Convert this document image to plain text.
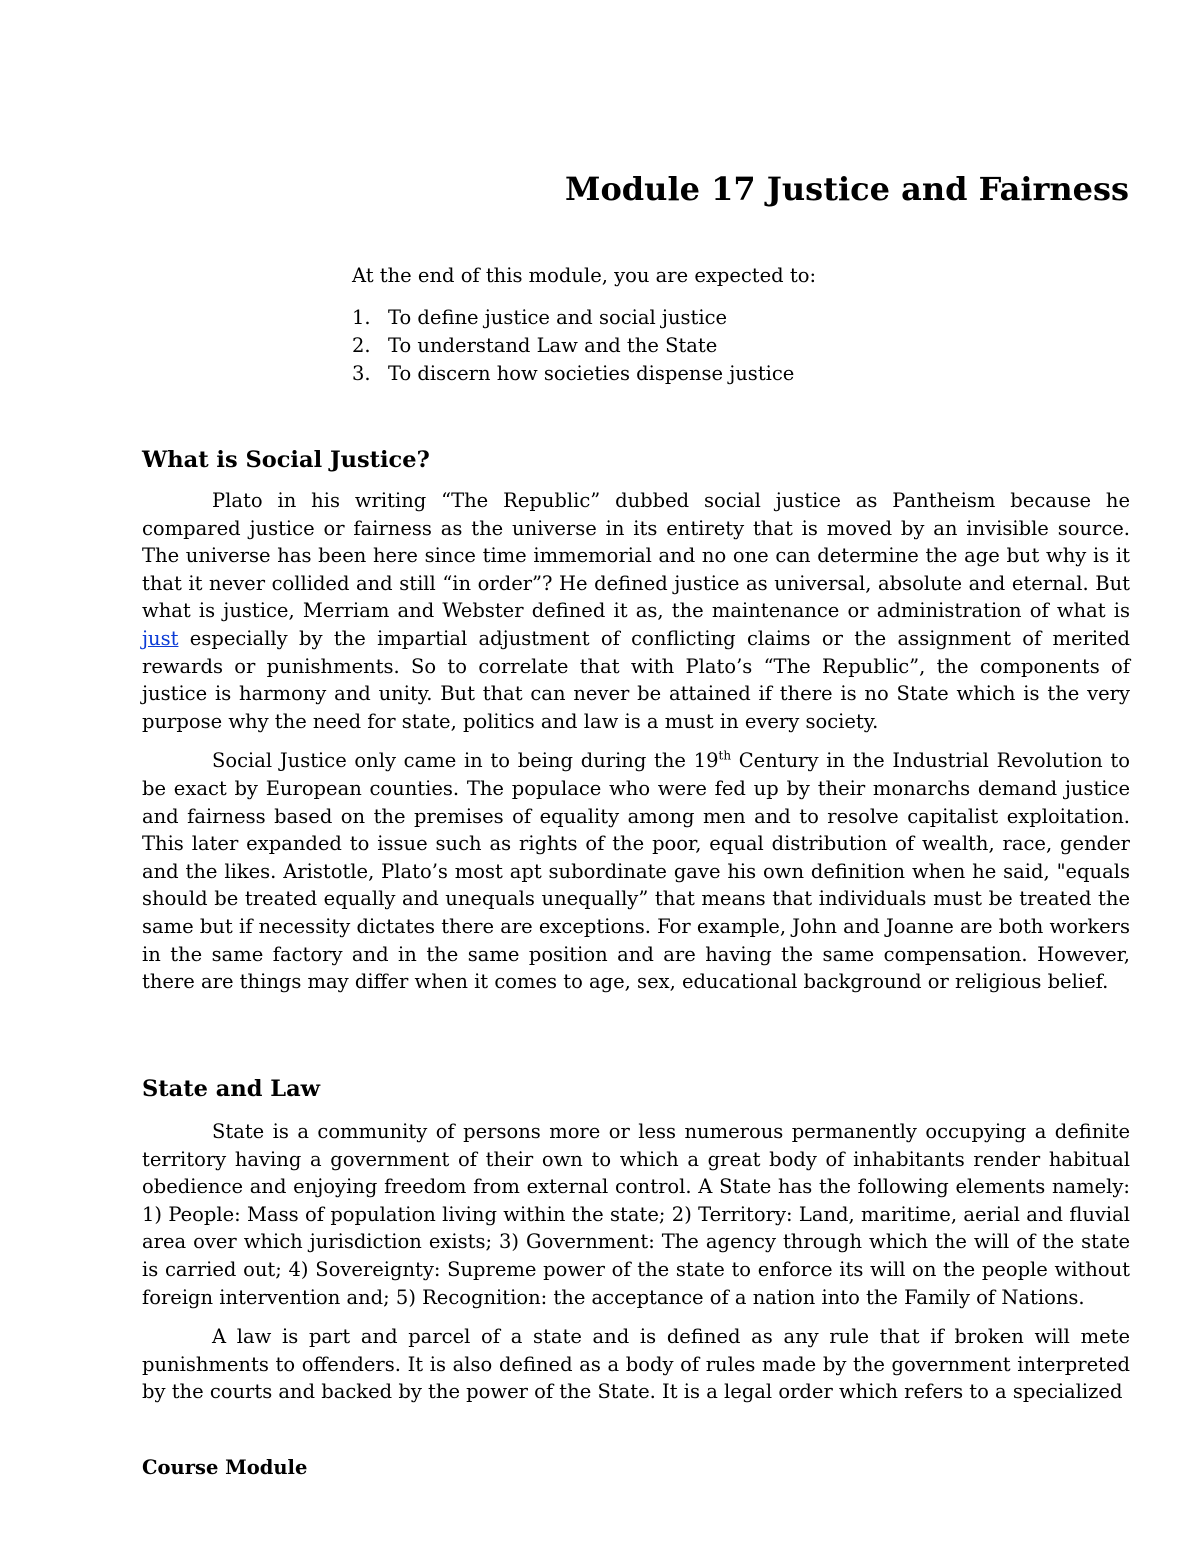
Module 17 Justice and Fairness

At the end of this module, you are expected to:

1. To define justice and social justice
2. To understand Law and the State
3. To discern how societies dispense justice
What is Social Justice?

Plato in his writing “The Republic” dubbed social justice as Pantheism because he compared justice or fairness as the universe in its entirety that is moved by an invisible source. The universe has been here since time immemorial and no one can determine the age but why is it that it never collided and still “in order”? He defined justice as universal, absolute and eternal. But what is justice, Merriam and Webster defined it as, the maintenance or administration of what is just especially by the impartial adjustment of conflicting claims or the assignment of merited rewards or punishments. So to correlate that with Plato’s “The Republic”, the components of justice is harmony and unity. But that can never be attained if there is no State which is the very purpose why the need for state, politics and law is a must in every society.

Social Justice only came in to being during the 19th Century in the Industrial Revolution to be exact by European counties. The populace who were fed up by their monarchs demand justice and fairness based on the premises of equality among men and to resolve capitalist exploitation. This later expanded to issue such as rights of the poor, equal distribution of wealth, race, gender and the likes. Aristotle, Plato’s most apt subordinate gave his own definition when he said, "equals should be treated equally and unequals unequally” that means that individuals must be treated the same but if necessity dictates there are exceptions. For example, John and Joanne are both workers in the same factory and in the same position and are having the same compensation. However, there are things may differ when it comes to age, sex, educational background or religious belief.

State and Law

State is a community of persons more or less numerous permanently occupying a definite territory having a government of their own to which a great body of inhabitants render habitual obedience and enjoying freedom from external control. A State has the following elements namely: 1) People: Mass of population living within the state; 2) Territory: Land, maritime, aerial and fluvial area over which jurisdiction exists; 3) Government: The agency through which the will of the state is carried out; 4) Sovereignty: Supreme power of the state to enforce its will on the people without foreign intervention and; 5) Recognition: the acceptance of a nation into the Family of Nations.

A law is part and parcel of a state and is defined as any rule that if broken will mete punishments to offenders. It is also defined as a body of rules made by the government interpreted by the courts and backed by the power of the State. It is a legal order which refers to a specialized

Course Module
